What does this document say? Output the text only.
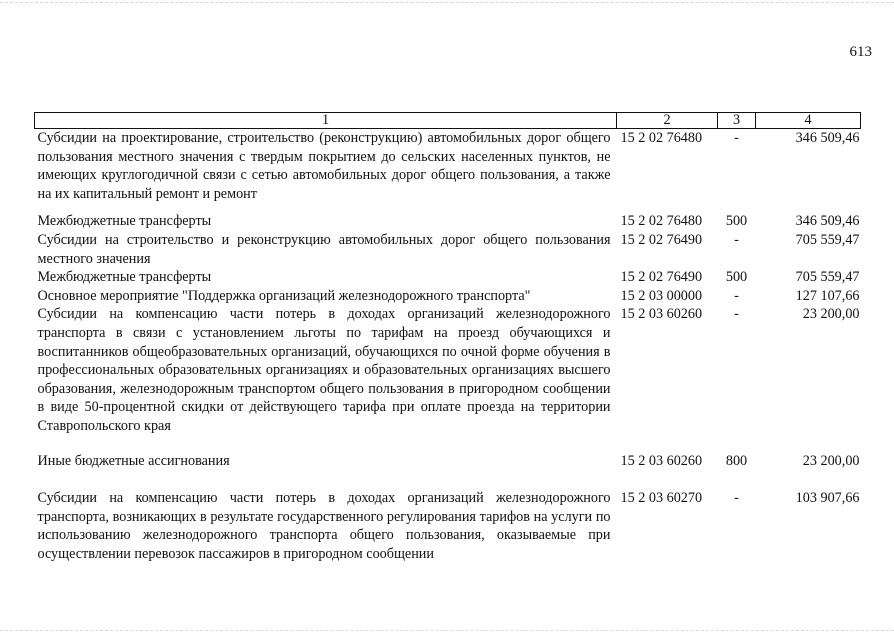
613
1	2	3	4
Субсидии на проектирование, строительство (реконструкцию) автомобильных дорог общего пользования местного значения с твердым покрытием до сельских населенных пунктов, не имеющих круглогодичной связи с сетью автомобильных дорог общего пользования, а также на их капитальный ремонт и ремонт	15 2 02 76480	-	346 509,46
Межбюджетные трансферты	15 2 02 76480	500	346 509,46
Субсидии на строительство и реконструкцию автомобильных дорог общего пользования местного значения	15 2 02 76490	-	705 559,47
Межбюджетные трансферты	15 2 02 76490	500	705 559,47
Основное мероприятие "Поддержка организаций железнодорожного транспорта"	15 2 03 00000	-	127 107,66
Субсидии на компенсацию части потерь в доходах организаций железнодорожного транспорта в связи с установлением льготы по тарифам на проезд обучающихся и воспитанников общеобразовательных организаций, обучающихся по очной форме обучения в профессиональных образовательных организациях и образовательных организациях высшего образования, железнодорожным транспортом общего пользования в пригородном сообщении в виде 50-процентной скидки от действующего тарифа при оплате проезда на территории Ставропольского края	15 2 03 60260	-	23 200,00
Иные бюджетные ассигнования	15 2 03 60260	800	23 200,00
Субсидии на компенсацию части потерь в доходах организаций железнодорожного транспорта, возникающих в результате государственного регулирования тарифов на услуги по использованию железнодорожного транспорта общего пользования, оказываемые при осуществлении перевозок пассажиров в пригородном сообщении	15 2 03 60270	-	103 907,66
